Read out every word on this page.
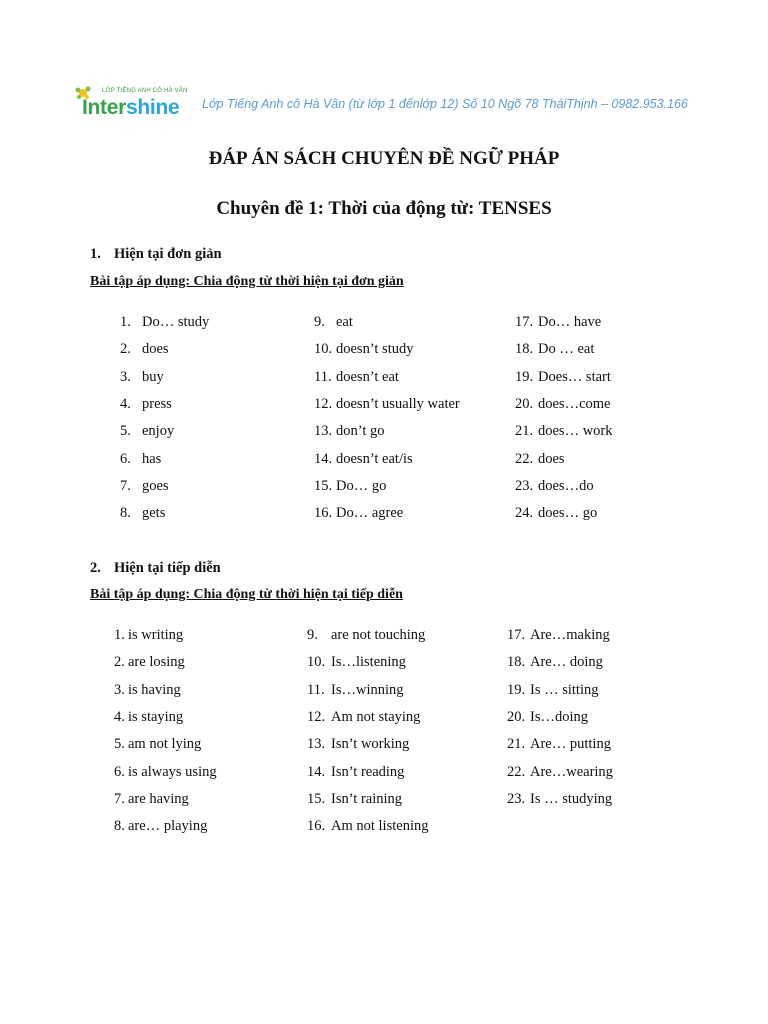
LỚP TIẾNG ANH CÔ HÀ VÂN
Intershine Lớp Tiếng Anh cô Hà Vân (từ lớp 1 đếnlớp 12) Số 10 Ngõ 78 TháiThịnh – 0982.953.166
ĐÁP ÁN SÁCH CHUYÊN ĐỀ NGỮ PHÁP
Chuyên đề 1: Thời của động từ: TENSES
1. Hiện tại đơn giản
Bài tập áp dụng: Chia động từ thời hiện tại đơn giản
2. Hiện tại tiếp diễn
Bài tập áp dụng: Chia động từ thời hiện tại tiếp diễn
1. Do… study
2. does
3. buy
4. press
5. enjoy
6. has
7. goes
8. gets
9. eat
10. doesn’t study
11. doesn’t eat
12. doesn’t usually water
13. don’t go
14. doesn’t eat/is
15. Do… go
16. Do… agree
17. Do… have
18. Do … eat
19. Does… start
20. does…come
21. does… work
22. does
23. does…do
24. does… go
1. is writing
2. are losing
3. is having
4. is staying
5. am not lying
6. is always using
7. are having
8. are… playing
9. are not touching
10. Is…listening
11. Is…winning
12. Am not staying
13. Isn’t working
14. Isn’t reading
15. Isn’t raining
16. Am not listening
17. Are…making
18. Are… doing
19. Is … sitting
20. Is…doing
21. Are… putting
22. Are…wearing
23. Is … studying
